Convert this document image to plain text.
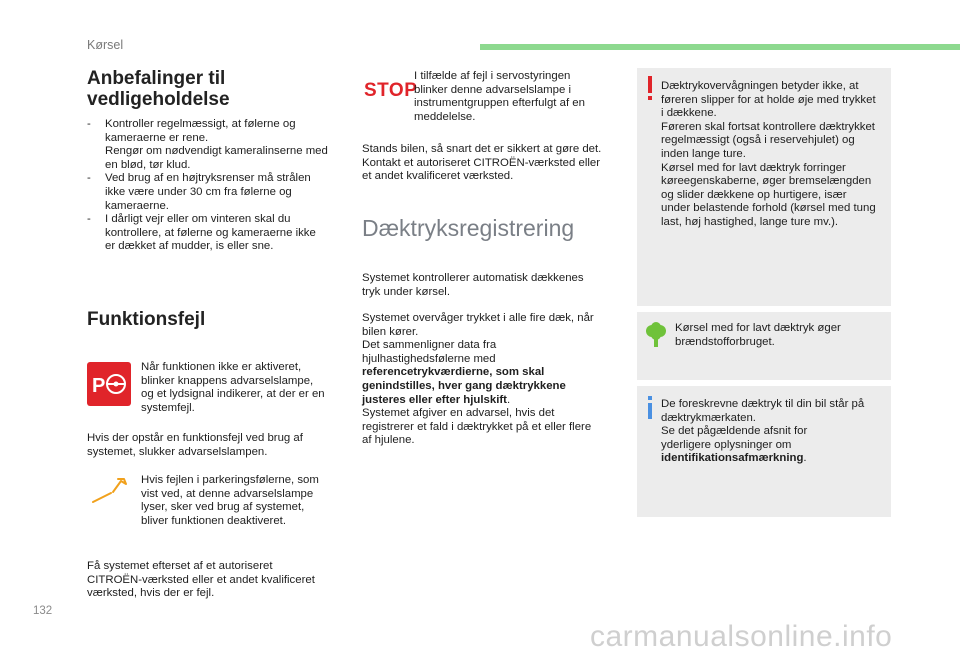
Kørsel
Anbefalinger til
vedligeholdelse
- Kontroller regelmæssigt, at følerne og
kameraerne er rene.
Rengør om nødvendigt kameralinserne med
en blød, tør klud.
- Ved brug af en højtryksrenser må strålen
ikke være under 30 cm fra følerne og
kameraerne.
- I dårligt vejr eller om vinteren skal du
kontrollere, at følerne og kameraerne ikke
er dækket af mudder, is eller sne.
Funktionsfejl
P
Når funktionen ikke er aktiveret,
blinker knappens advarselslampe,
og et lydsignal indikerer, at der er en
systemfejl.
Hvis der opstår en funktionsfejl ved brug af
systemet, slukker advarselslampen.
Hvis fejlen i parkeringsfølerne, som
vist ved, at denne advarselslampe
lyser, sker ved brug af systemet,
bliver funktionen deaktiveret.
Få systemet efterset af et autoriseret
CITROËN-værksted eller et andet kvalificeret
værksted, hvis der er fejl.
STOP
I tilfælde af fejl i servostyringen
blinker denne advarselslampe i
instrumentgruppen efterfulgt af en
meddelelse.
Stands bilen, så snart det er sikkert at gøre det.
Kontakt et autoriseret CITROËN-værksted eller
et andet kvalificeret værksted.
Dæktryksregistrering
Systemet kontrollerer automatisk dækkenes
tryk under kørsel.
Systemet overvåger trykket i alle fire dæk, når
bilen kører.
Det sammenligner data fra
hjulhastighedsfølerne med
referencetrykværdierne, som skal
genindstilles, hver gang dæktrykkene
justeres eller efter hjulskift.
Systemet afgiver en advarsel, hvis det
registrerer et fald i dæktrykket på et eller flere
af hjulene.
Dæktrykovervågningen betyder ikke, at
føreren slipper for at holde øje med trykket
i dækkene.
Føreren skal fortsat kontrollere dæktrykket
regelmæssigt (også i reservehjulet) og
inden lange ture.
Kørsel med for lavt dæktryk forringer
køreegenskaberne, øger bremselængden
og slider dækkene op hurtigere, især
under belastende forhold (kørsel med tung
last, høj hastighed, lange ture mv.).
Kørsel med for lavt dæktryk øger
brændstofforbruget.
De foreskrevne dæktryk til din bil står på
dæktrykmærkaten.
Se det pågældende afsnit for
yderligere oplysninger om
identifikationsafmærkning.
132
carmanualsonline.info
